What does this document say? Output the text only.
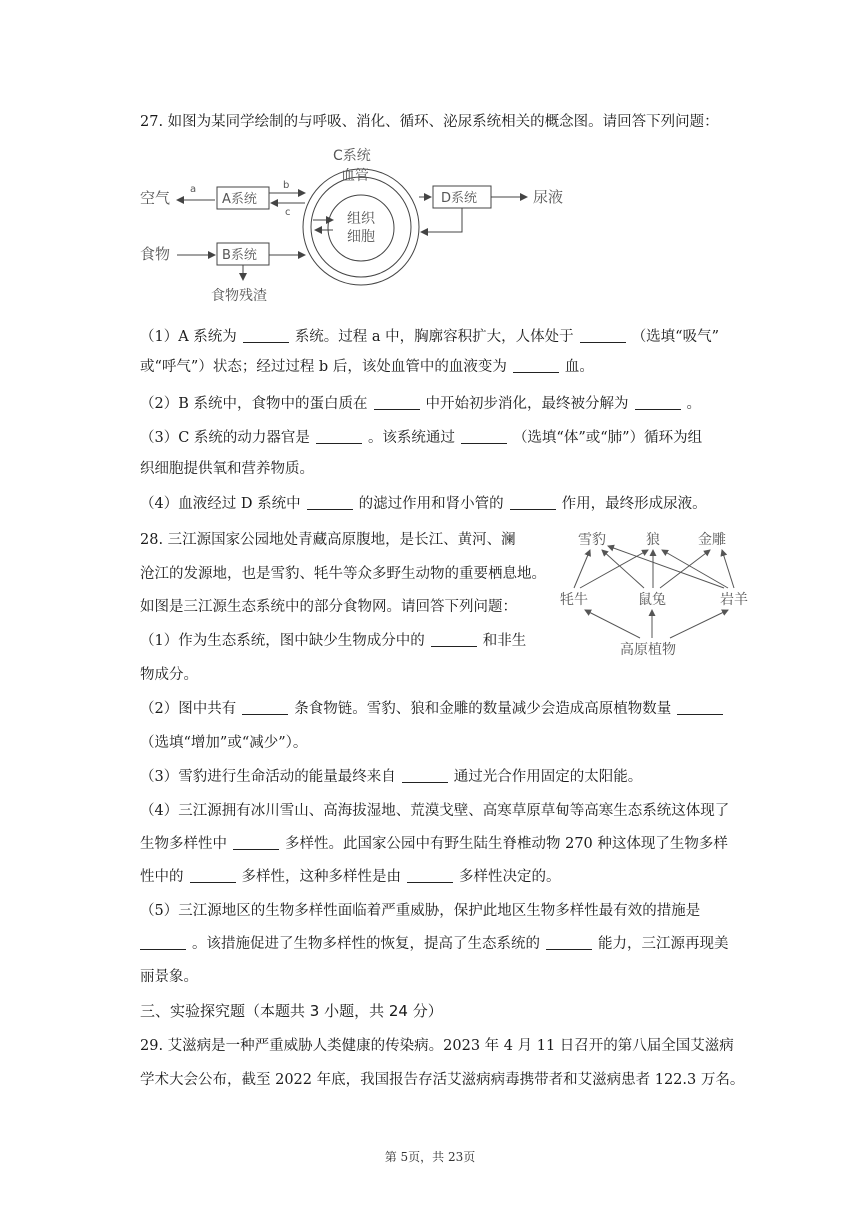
27. 如图为某同学绘制的与呼吸、消化、循环、泌尿系统相关的概念图。请回答下列问题：
空气
食物
a
A系统
b
c
B系统
食物残渣
C系统
血管
组织
细胞
D系统	尿液
（1）A 系统为	系统。过程 a 中，胸廓容积扩大，人体处于	（选填“吸气”
或“呼气”）状态；经过过程 b 后，该处血管中的血液变为	血。
（2）B 系统中，食物中的蛋白质在	中开始初步消化，最终被分解为	。
（3）C 系统的动力器官是	。该系统通过	（选填“体”或“肺”）循环为组
织细胞提供氧和营养物质。
（4）血液经过 D 系统中	的滤过作用和肾小管的	作用，最终形成尿液。
28. 三江源国家公园地处青藏高原腹地，是长江、黄河、澜
沧江的发源地，也是雪豹、牦牛等众多野生动物的重要栖息地。
如图是三江源生态系统中的部分食物网。请回答下列问题：
雪豹	狼	金雕
牦牛	鼠兔	岩羊
高原植物
（1）作为生态系统，图中缺少生物成分中的	和非生
物成分。
（2）图中共有	条食物链。雪豹、狼和金雕的数量减少会造成高原植物数量
（选填“增加”或“减少”）。
（3）雪豹进行生命活动的能量最终来自	通过光合作用固定的太阳能。
（4）三江源拥有冰川雪山、高海拔湿地、荒漠戈壁、高寒草原草甸等高寒生态系统这体现了
生物多样性中	多样性。此国家公园中有野生陆生脊椎动物 270 种这体现了生物多样
性中的	多样性，这种多样性是由	多样性决定的。
（5）三江源地区的生物多样性面临着严重威胁，保护此地区生物多样性最有效的措施是
。该措施促进了生物多样性的恢复，提高了生态系统的	能力，三江源再现美
丽景象。
三、实验探究题（本题共 3 小题，共 24 分）
29. 艾滋病是一种严重威胁人类健康的传染病。2023 年 4 月 11 日召开的第八届全国艾滋病
学术大会公布，截至 2022 年底，我国报告存活艾滋病病毒携带者和艾滋病患者 122.3 万名。
第 5页，共 23页
